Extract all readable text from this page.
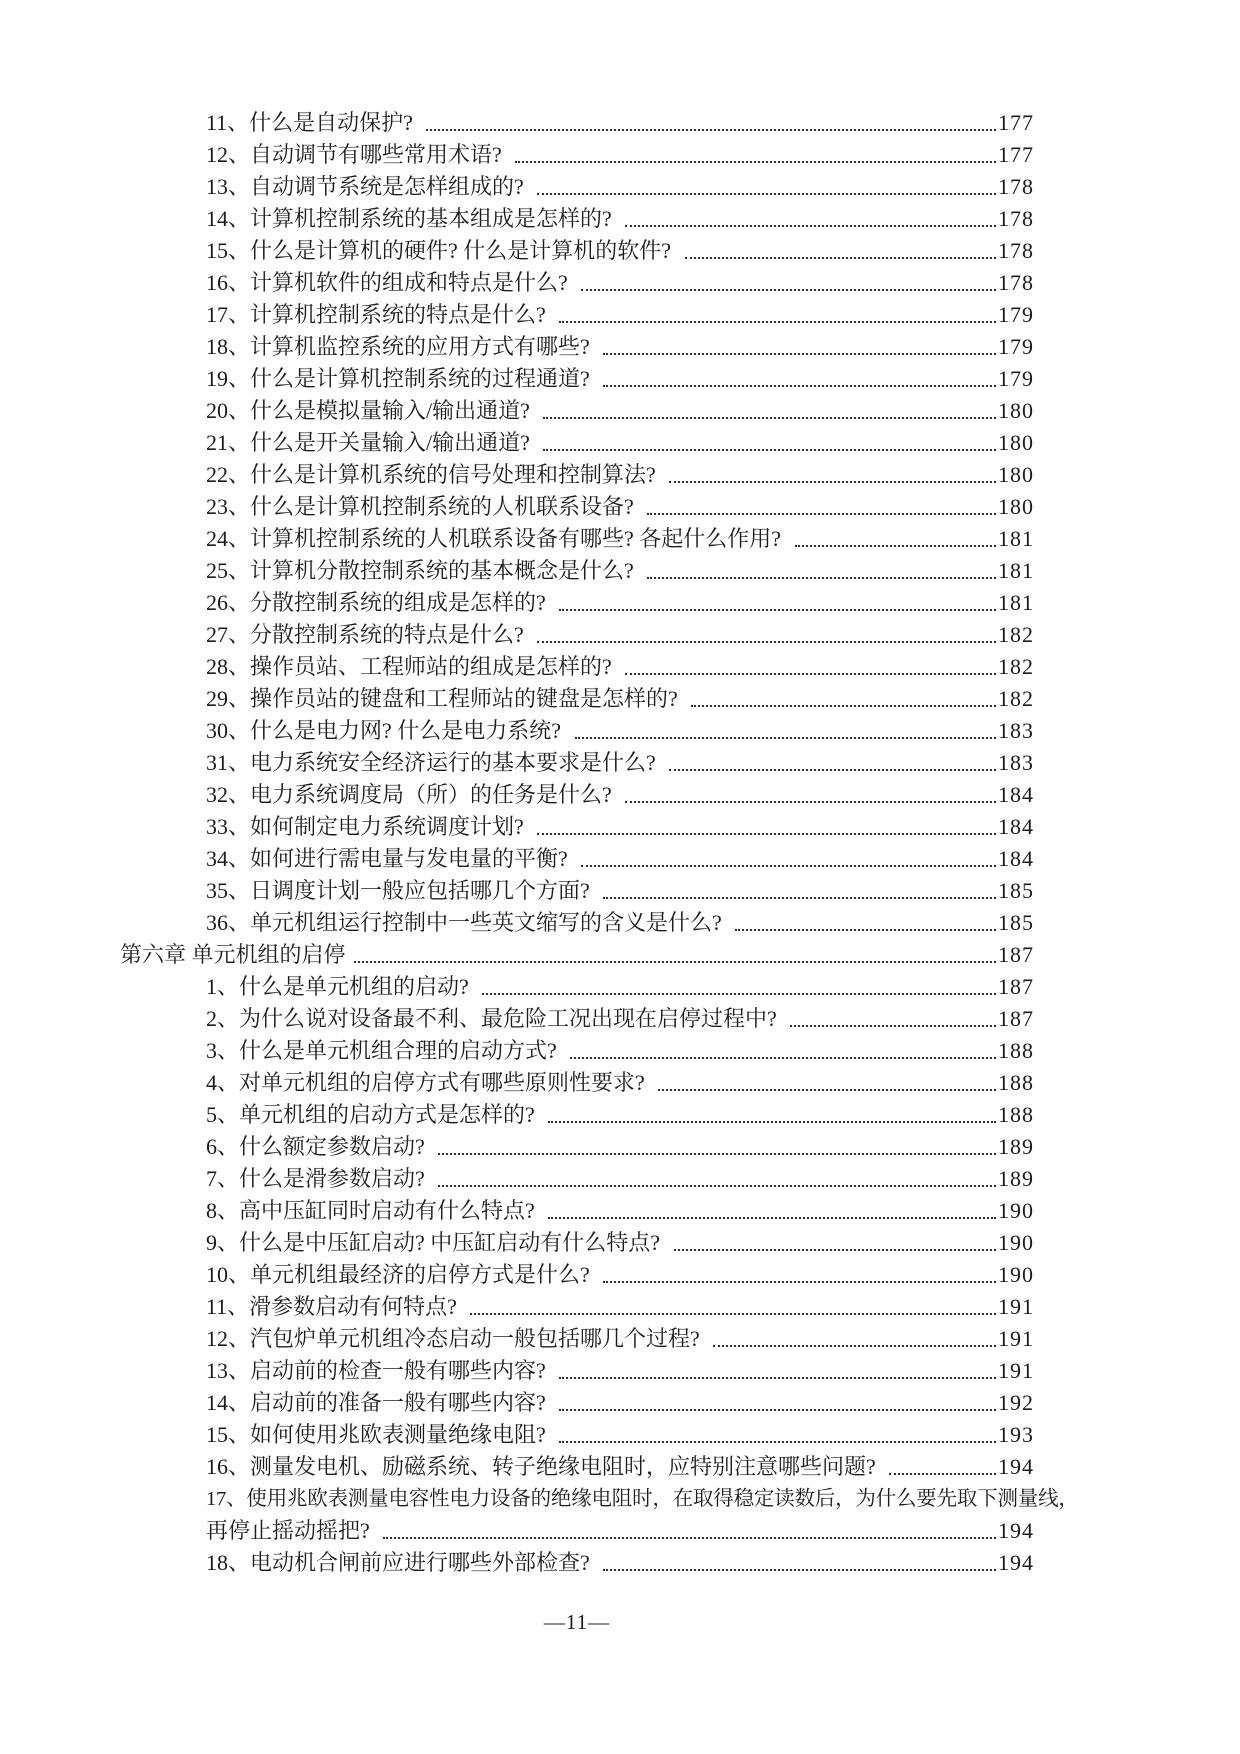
11、什么是自动保护?	177
12、自动调节有哪些常用术语?	177
13、自动调节系统是怎样组成的?	178
14、计算机控制系统的基本组成是怎样的?	178
15、什么是计算机的硬件? 什么是计算机的软件?	178
16、计算机软件的组成和特点是什么?	178
17、计算机控制系统的特点是什么?	179
18、计算机监控系统的应用方式有哪些?	179
19、什么是计算机控制系统的过程通道?	179
20、什么是模拟量输入/输出通道?	180
21、什么是开关量输入/输出通道?	180
22、什么是计算机系统的信号处理和控制算法?	180
23、什么是计算机控制系统的人机联系设备?	180
24、计算机控制系统的人机联系设备有哪些? 各起什么作用?	181
25、计算机分散控制系统的基本概念是什么?	181
26、分散控制系统的组成是怎样的?	181
27、分散控制系统的特点是什么?	182
28、操作员站、工程师站的组成是怎样的?	182
29、操作员站的键盘和工程师站的键盘是怎样的?	182
30、什么是电力网? 什么是电力系统?	183
31、电力系统安全经济运行的基本要求是什么?	183
32、电力系统调度局（所）的任务是什么?	184
33、如何制定电力系统调度计划?	184
34、如何进行需电量与发电量的平衡?	184
35、日调度计划一般应包括哪几个方面?	185
36、单元机组运行控制中一些英文缩写的含义是什么?	185
第六章 单元机组的启停	187
1、什么是单元机组的启动?	187
2、为什么说对设备最不利、最危险工况出现在启停过程中?	187
3、什么是单元机组合理的启动方式?	188
4、对单元机组的启停方式有哪些原则性要求?	188
5、单元机组的启动方式是怎样的?	188
6、什么额定参数启动?	189
7、什么是滑参数启动?	189
8、高中压缸同时启动有什么特点?	190
9、什么是中压缸启动? 中压缸启动有什么特点?	190
10、单元机组最经济的启停方式是什么?	190
11、滑参数启动有何特点?	191
12、汽包炉单元机组冷态启动一般包括哪几个过程?	191
13、启动前的检查一般有哪些内容?	191
14、启动前的准备一般有哪些内容?	192
15、如何使用兆欧表测量绝缘电阻?	193
16、测量发电机、励磁系统、转子绝缘电阻时，应特别注意哪些问题?	194
17、使用兆欧表测量电容性电力设备的绝缘电阻时，在取得稳定读数后，为什么要先取下测量线，
再停止摇动摇把?	194
18、电动机合闸前应进行哪些外部检查?	194
—11—
